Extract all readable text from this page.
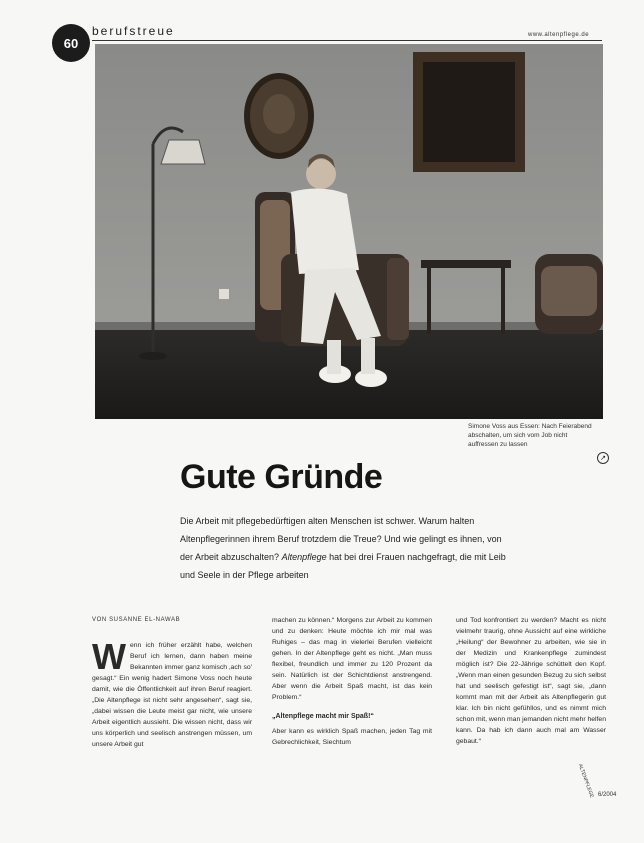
60
berufstreue	www.altenpflege.de
Simone Voss aus Essen: Nach Feierabend abschalten, um sich vom Job nicht auffressen zu lassen
↗
Gute Gründe
Die Arbeit mit pflegebedürftigen alten Menschen ist schwer. Warum halten Altenpflegerinnen ihrem Beruf trotzdem die Treue? Und wie gelingt es ihnen, von der Arbeit abzuschalten? Altenpflege hat bei drei Frauen nachgefragt, die mit Leib und Seele in der Pflege arbeiten
VON SUSANNE EL-NAWAB
W enn ich früher erzählt habe, welchen Beruf ich lernen, dann haben meine Bekannten immer ganz komisch ‚ach so' gesagt.“ Ein wenig hadert Simone Voss noch heute damit, wie die Öffentlichkeit auf ihren Beruf reagiert. „Die Altenpflege ist nicht sehr angesehen“, sagt sie, „dabei wissen die Leute meist gar nicht, wie unsere Arbeit eigentlich aussieht. Die wissen nicht, dass wir uns körperlich und seelisch anstrengen müssen, um unsere Arbeit gut
machen zu können.“ Morgens zur Arbeit zu kommen und zu denken: Heute möchte ich mir mal was Ruhiges – das mag in vielerlei Berufen vielleicht gehen. In der Altenpflege geht es nicht. „Man muss flexibel, freundlich und immer zu 120 Prozent da sein. Natürlich ist der Schichtdienst anstrengend. Aber wenn die Arbeit Spaß macht, ist das kein Problem.“
„Altenpflege macht mir Spaß!“
Aber kann es wirklich Spaß machen, jeden Tag mit Gebrechlichkeit, Siechtum
und Tod konfrontiert zu werden? Macht es nicht vielmehr traurig, ohne Aussicht auf eine wirkliche „Heilung“ der Bewohner zu arbeiten, wie sie in der Medizin und Krankenpflege zumindest möglich ist? Die 22-Jährige schüttelt den Kopf. „Wenn man einen gesunden Bezug zu sich selbst hat und seelisch gefestigt ist“, sagt sie, „dann kommt man mit der Arbeit als Altenpflegerin gut klar. Ich bin nicht gefühllos, und es nimmt mich schon mit, wenn man jemanden nicht mehr helfen kann. Da hab ich dann auch mal am Wasser gebaut.“
ALTENPFLEGE 6/2004
